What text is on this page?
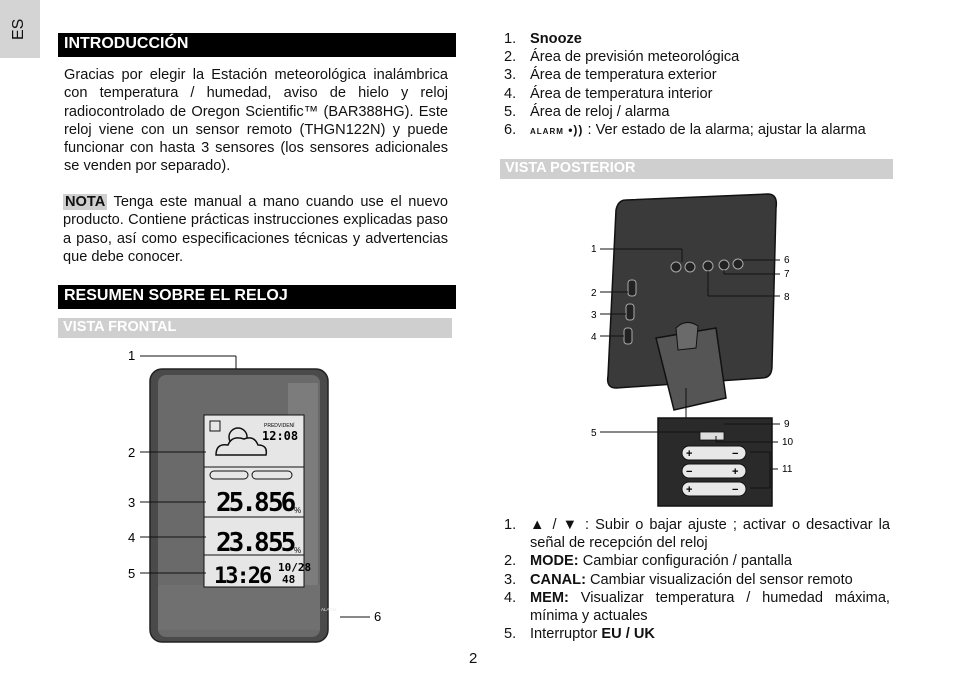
ES
INTRODUCCIÓN
Gracias por elegir la Estación meteorológica inalámbrica con temperatura / humedad, aviso de hielo y reloj radiocontrolado de Oregon Scientific™ (BAR388HG). Este reloj viene con un sensor remoto (THGN122N) y puede funcionar con hasta 3 sensores (los sensores adicionales se venden por separado).
NOTA Tenga este manual a mano cuando use el nuevo producto. Contiene prácticas instrucciones explicadas paso a paso, así como especificaciones técnicas y advertencias que debe conocer.
RESUMEN SOBRE EL RELOJ
VISTA FRONTAL
PREDVIDENÍ
12:08
25.8 56 %
23.8 55 %
13:26 10/28
48
ALARM
1
2
3
4
5
6
2
1. Snooze
2. Área de previsión meteorológica
3. Área de temperatura exterior
4. Área de temperatura interior
5. Área de reloj / alarma
6. ALARM •)) : Ver estado de la alarma; ajustar la alarma
VISTA POSTERIOR
+	−
−	+
+	−
1
2
3
4
5
6
7
8
9
10
11
1. ▲ / ▼ : Subir o bajar ajuste ; activar o desactivar la señal de recepción del reloj
2. MODE: Cambiar configuración / pantalla
3. CANAL: Cambiar visualización del sensor remoto
4. MEM: Visualizar temperatura / humedad máxima, mínima y actuales
5. Interruptor EU / UK
